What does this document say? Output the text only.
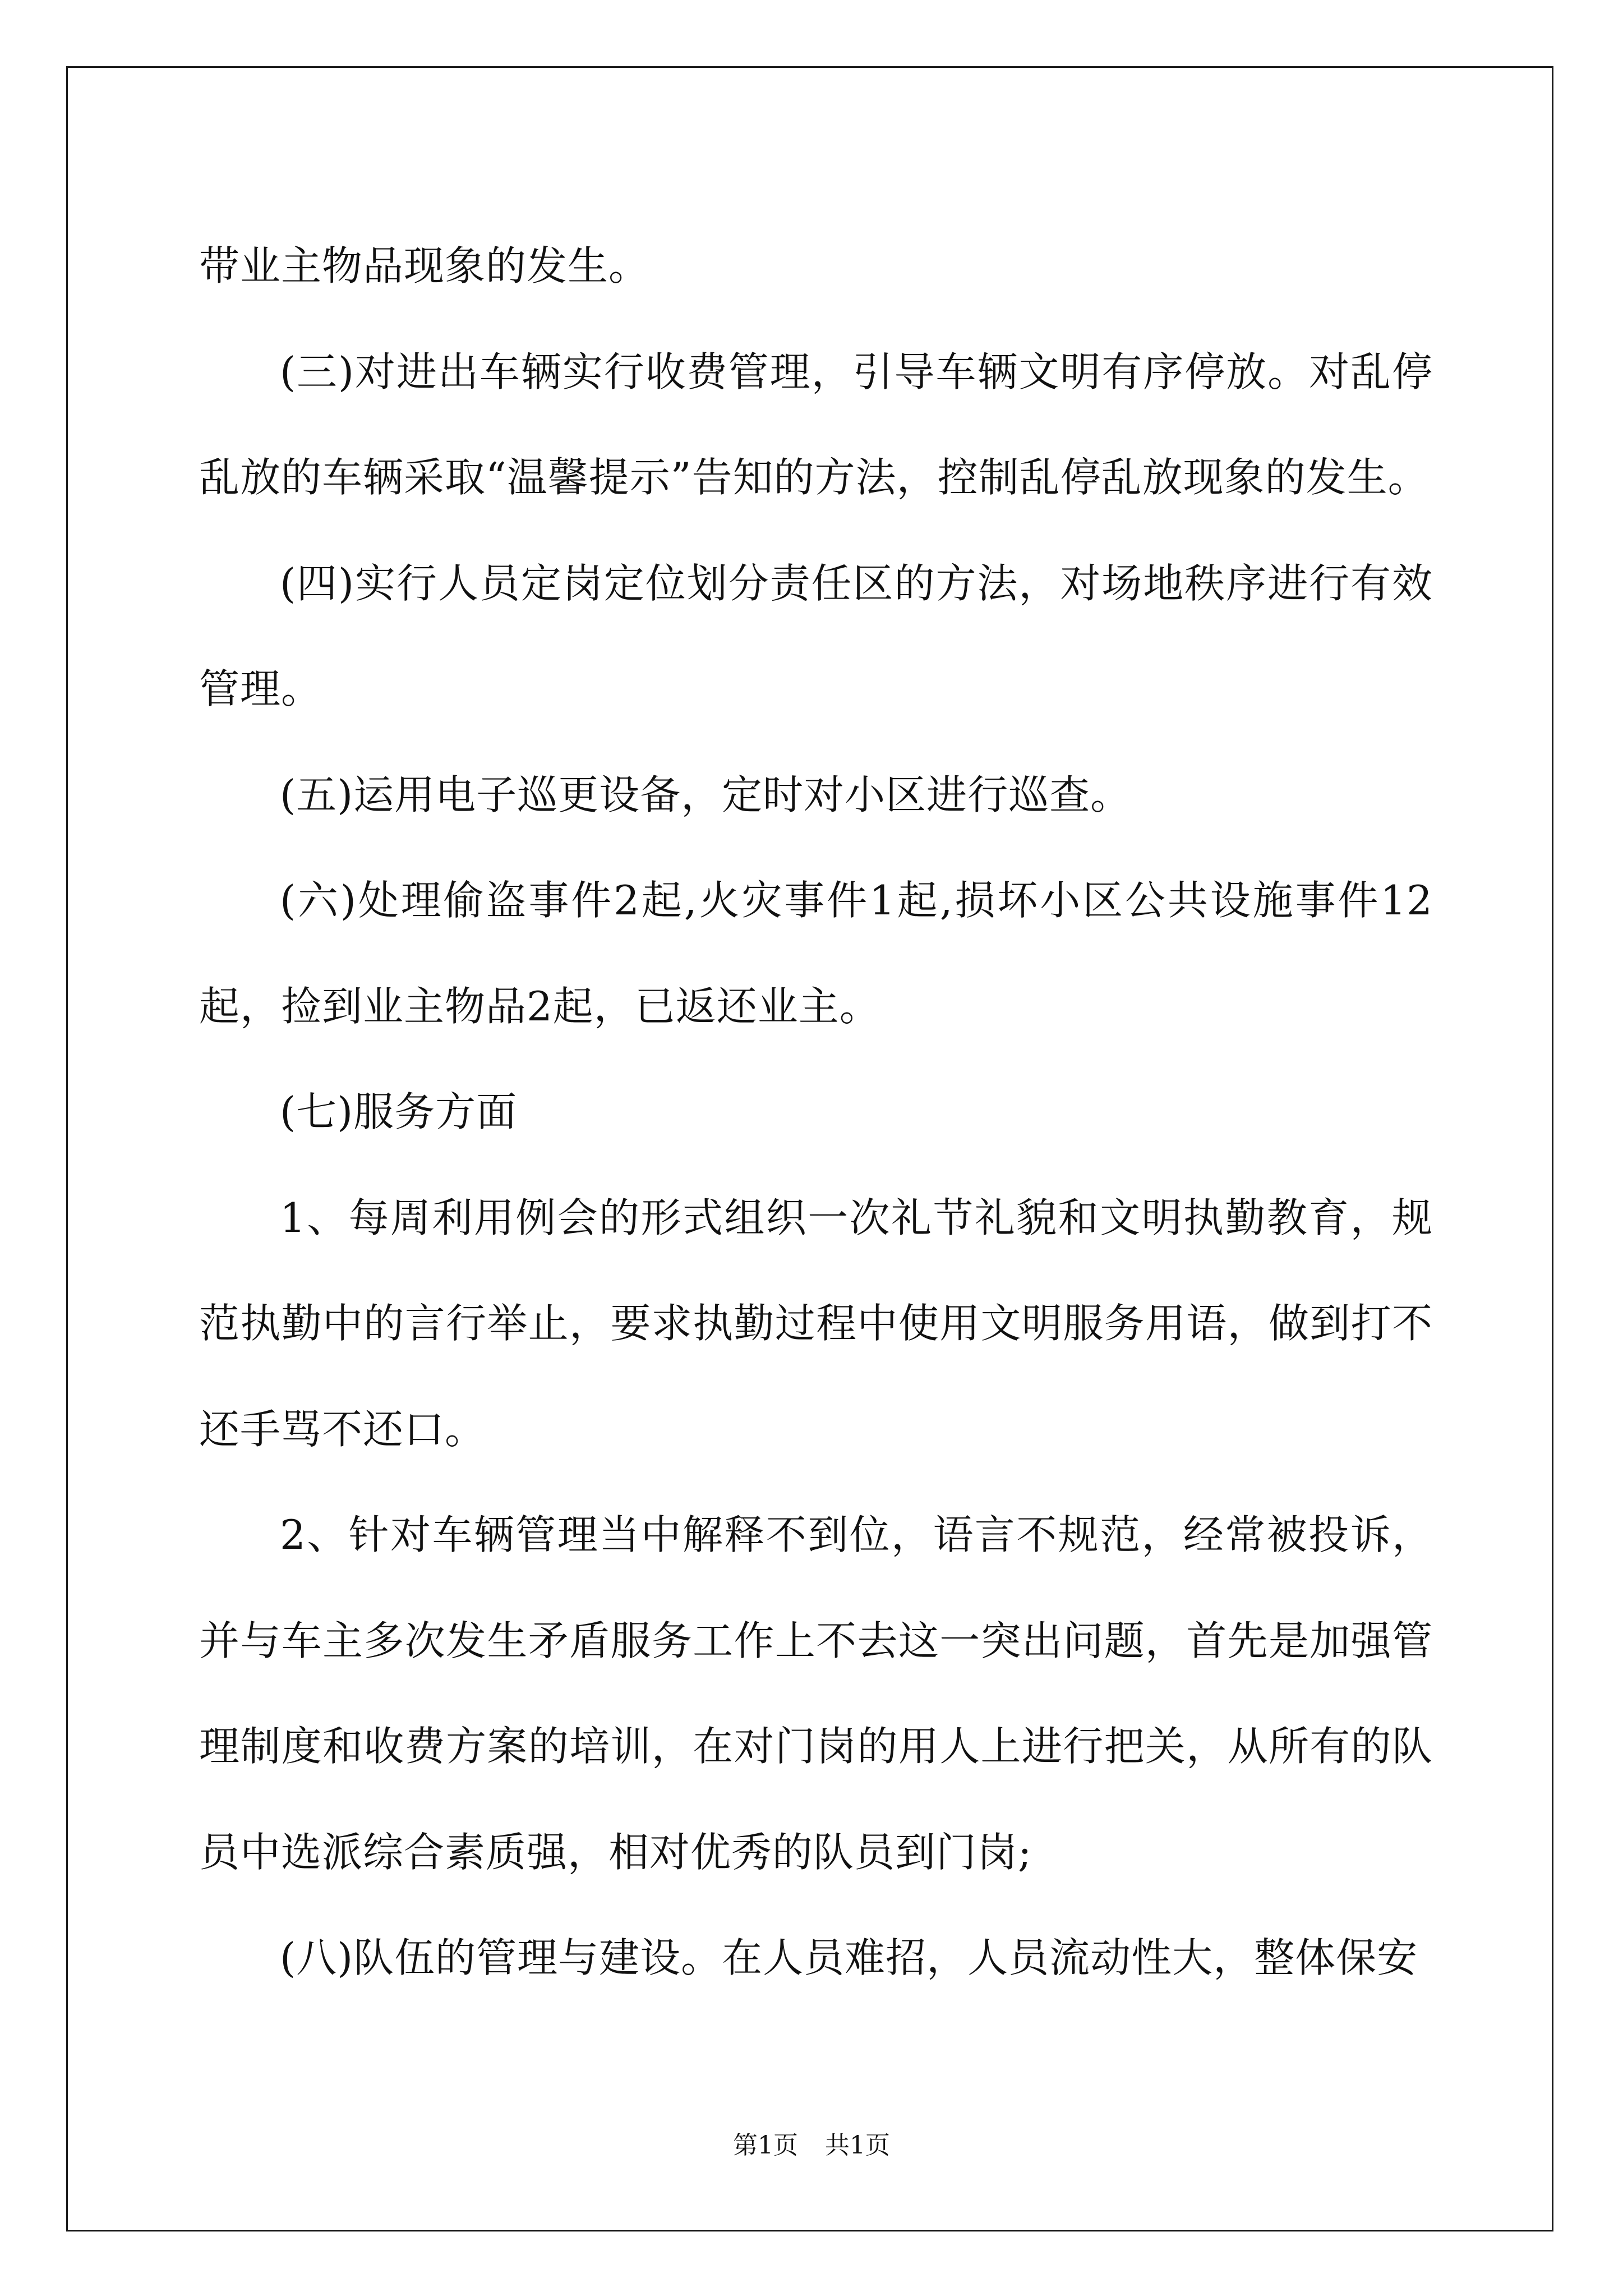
带业主物品现象的发生。

(三)对进出车辆实行收费管理，引导车辆文明有序停放。对乱停乱放的车辆采取“温馨提示”告知的方法，控制乱停乱放现象的发生。

(四)实行人员定岗定位划分责任区的方法，对场地秩序进行有效管理。

(五)运用电子巡更设备，定时对小区进行巡查。

(六)处理偷盗事件2起,火灾事件1起,损坏小区公共设施事件12起，捡到业主物品2起，已返还业主。

(七)服务方面

1、每周利用例会的形式组织一次礼节礼貌和文明执勤教育，规范执勤中的言行举止，要求执勤过程中使用文明服务用语，做到打不还手骂不还口。

2、针对车辆管理当中解释不到位，语言不规范，经常被投诉，并与车主多次发生矛盾服务工作上不去这一突出问题，首先是加强管理制度和收费方案的培训，在对门岗的用人上进行把关，从所有的队员中选派综合素质强，相对优秀的队员到门岗;

(八)队伍的管理与建设。在人员难招，人员流动性大，整体保安

第1页 共1页
